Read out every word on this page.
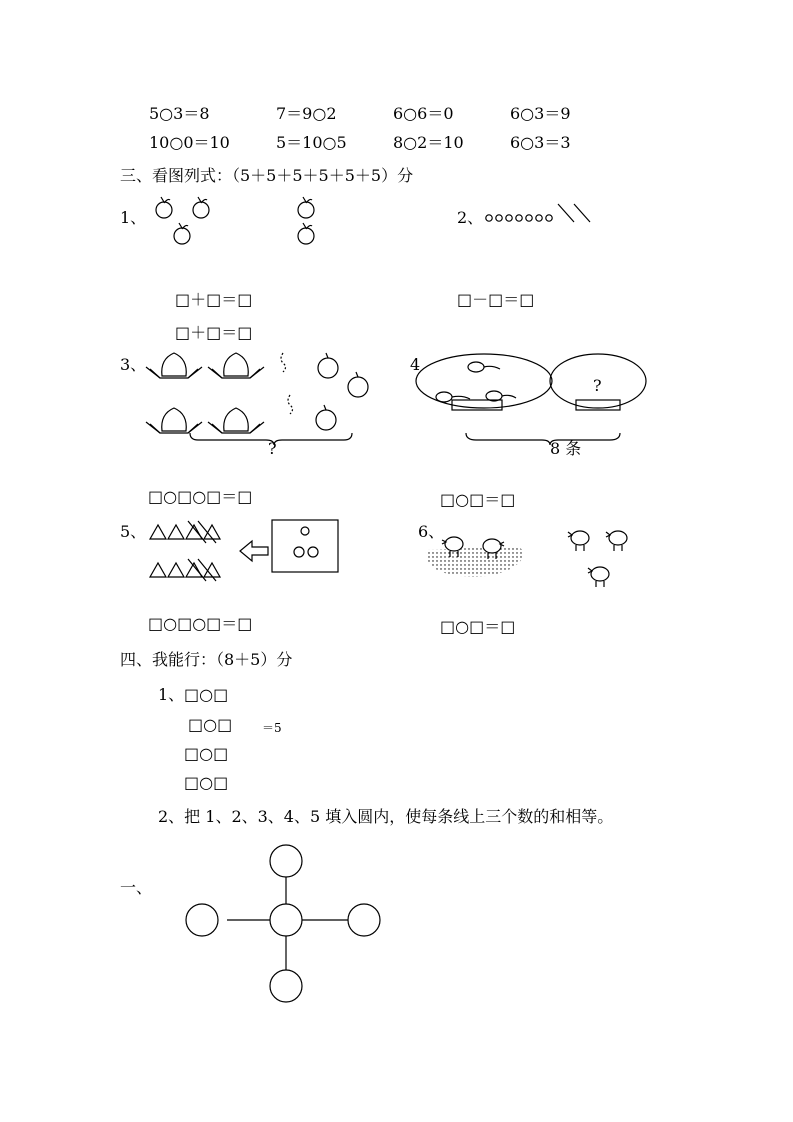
5○3＝8	7＝9○2	6○6＝0	6○3＝9
10○0＝10	5＝10○5	8○2＝10	6○3＝3
三、看图列式：（5＋5＋5＋5＋5＋5）分
1、
□＋□＝□
□＋□＝□
2、
□－□＝□
3、
?
□○□○□＝□
4
?
8 条
□○□＝□
5、
□○□○□＝□
6、
□○□＝□
四、我能行：（8＋5）分
1、 □○□
□○□ ＝5
□○□
□○□
2、把 1、2、3、4、5 填入圆内，使每条线上三个数的和相等。
一、
